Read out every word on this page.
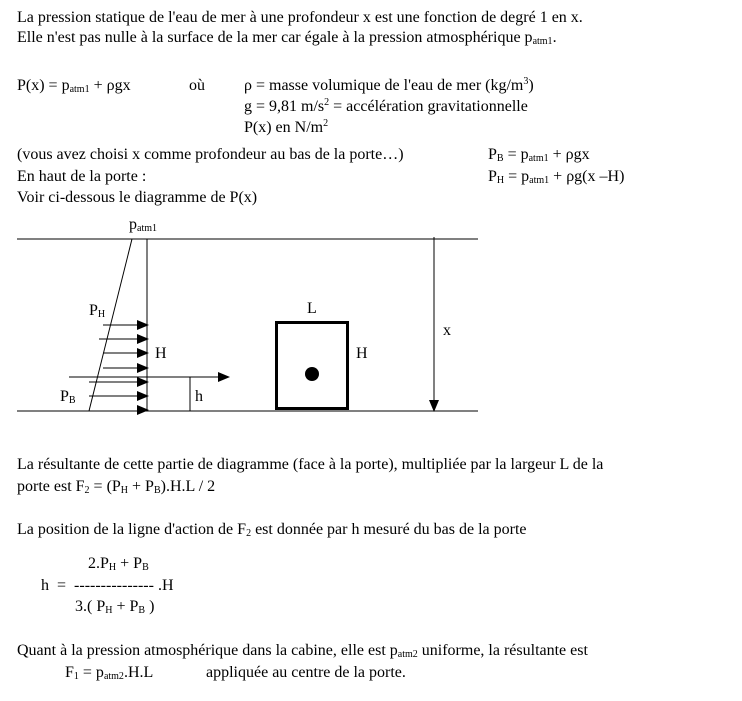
La pression statique de l'eau de mer à une profondeur x est une fonction de degré 1 en x.
Elle n'est pas nulle à la surface de la mer car égale à la pression atmosphérique $p_{atm1}$.
$P(x) = p_{atm1} + \rho gx$	où ρ = masse volumique de l'eau de mer $(kg/m^3)$
g = 9,81 $m/s^2$ = accélération gravitationnelle
P(x) en $N/m^2$
(vous avez choisi x comme profondeur au bas de la porte…)	$P_B = p_{atm1} + \rho gx$
En haut de la porte :	$P_H = p_{atm1} + \rho g(x$ –H)
Voir ci-dessous le diagramme de P(x)
$p_{atm1}$
$P_H$
$P_B$
H
h
L
H
x
La résultante de cette partie de diagramme (face à la porte), multipliée par la largeur L de la
porte est $F_2 = (P_H + P_B).H.L / 2$
La position de la ligne d'action de $F_2$ est donnée par h mesuré du bas de la porte
$2.P_H + P_B$
h  =  --------------- .H
3.( $P_H + P_B$ )
Quant à la pression atmosphérique dans la cabine, elle est $p_{atm2}$ uniforme, la résultante est
$F_1 = p_{atm2}.H.L$	appliquée au centre de la porte.
